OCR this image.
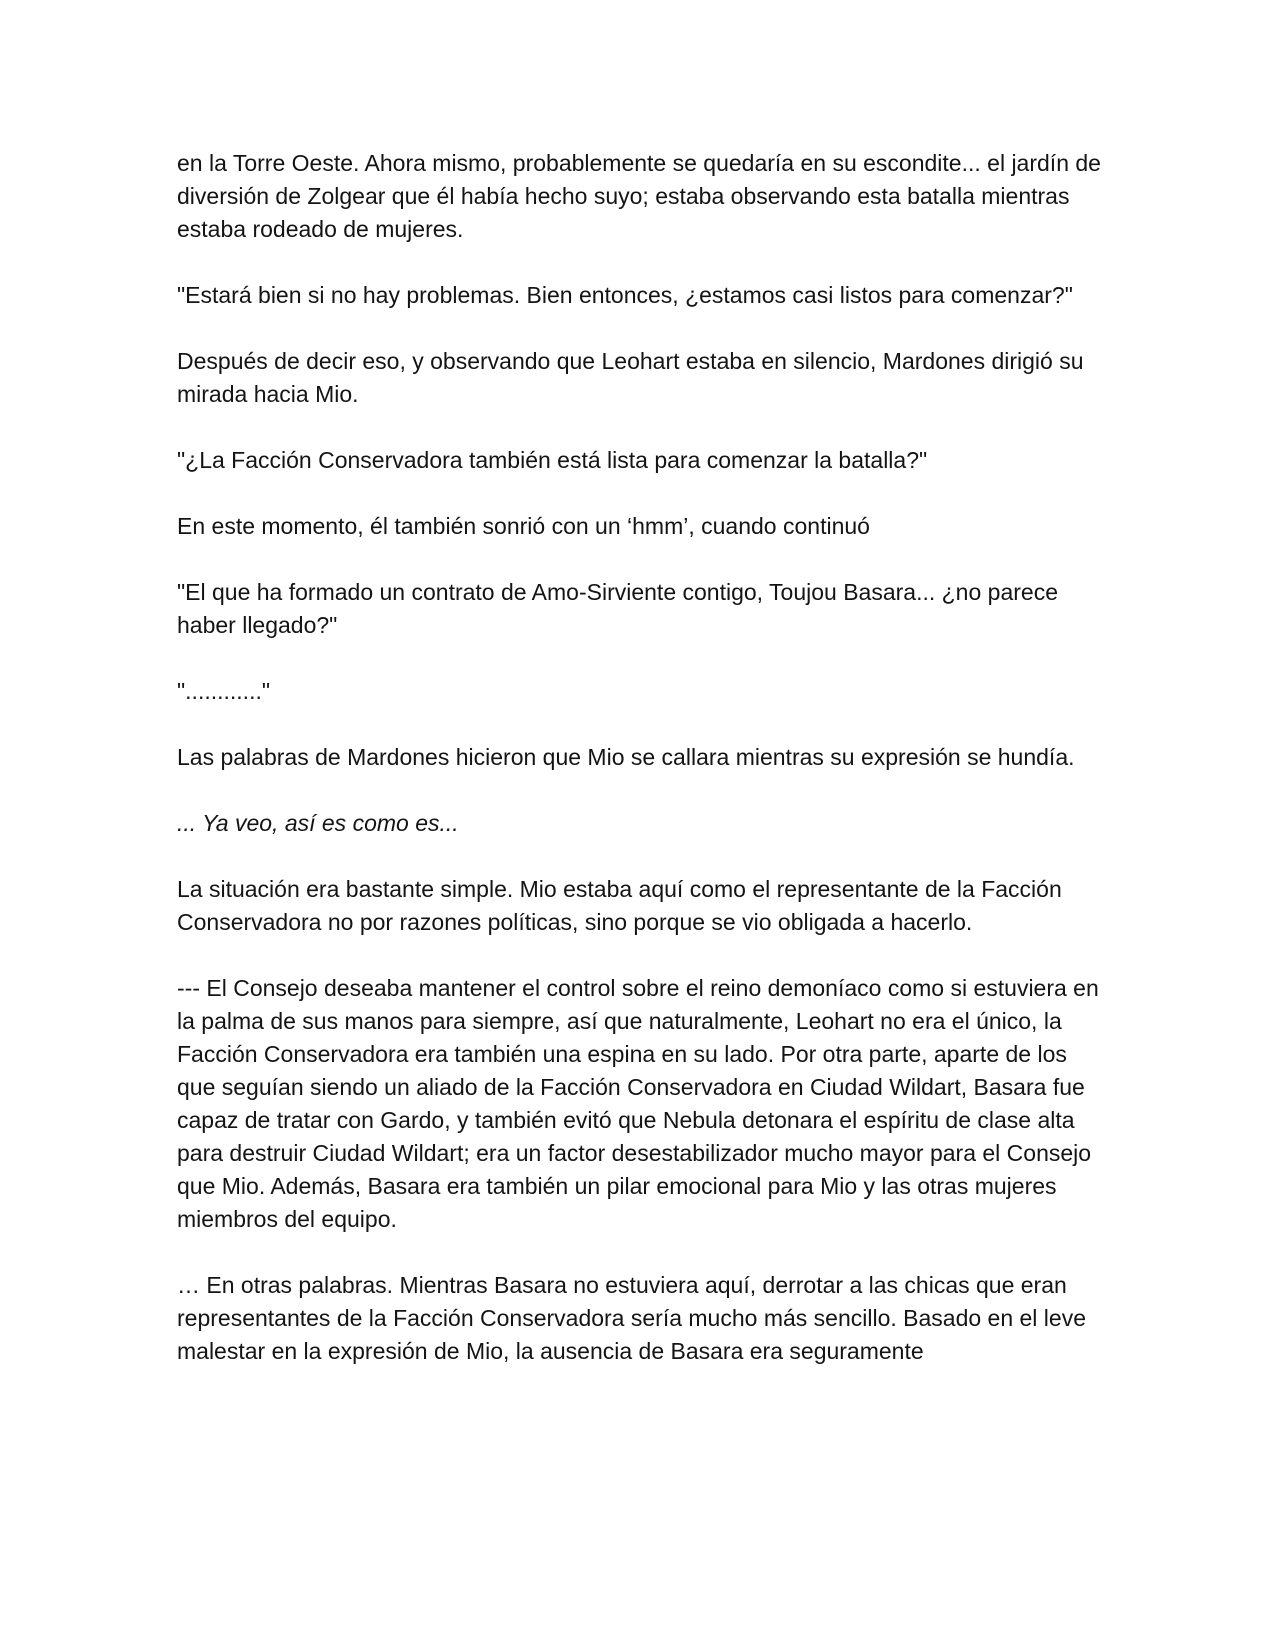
en la Torre Oeste. Ahora mismo, probablemente se quedaría en su escondite... el jardín de diversión de Zolgear que él había hecho suyo; estaba observando esta batalla mientras estaba rodeado de mujeres.

"Estará bien si no hay problemas. Bien entonces, ¿estamos casi listos para comenzar?"

Después de decir eso, y observando que Leohart estaba en silencio, Mardones dirigió su mirada hacia Mio.

"¿La Facción Conservadora también está lista para comenzar la batalla?"

En este momento, él también sonrió con un ‘hmm’, cuando continuó

"El que ha formado un contrato de Amo-Sirviente contigo, Toujou Basara... ¿no parece haber llegado?"

"............"

Las palabras de Mardones hicieron que Mio se callara mientras su expresión se hundía.

... Ya veo, así es como es...

La situación era bastante simple. Mio estaba aquí como el representante de la Facción Conservadora no por razones políticas, sino porque se vio obligada a hacerlo.

--- El Consejo deseaba mantener el control sobre el reino demoníaco como si estuviera en la palma de sus manos para siempre, así que naturalmente, Leohart no era el único, la Facción Conservadora era también una espina en su lado. Por otra parte, aparte de los que seguían siendo un aliado de la Facción Conservadora en Ciudad Wildart, Basara fue capaz de tratar con Gardo, y también evitó que Nebula detonara el espíritu de clase alta para destruir Ciudad Wildart; era un factor desestabilizador mucho mayor para el Consejo que Mio. Además, Basara era también un pilar emocional para Mio y las otras mujeres miembros del equipo.

… En otras palabras. Mientras Basara no estuviera aquí, derrotar a las chicas que eran representantes de la Facción Conservadora sería mucho más sencillo. Basado en el leve malestar en la expresión de Mio, la ausencia de Basara era seguramente
